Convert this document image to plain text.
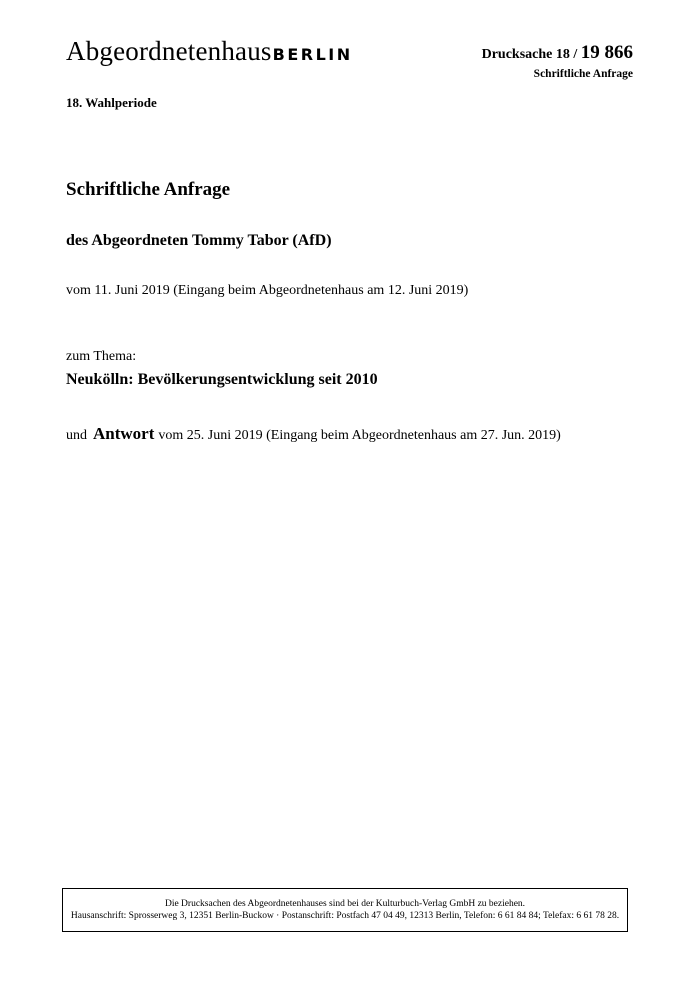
AbgeordnetenhausBERLIN	Drucksache 18 / 19 866
Schriftliche Anfrage
18. Wahlperiode
Schriftliche Anfrage
des Abgeordneten Tommy Tabor (AfD)
vom 11. Juni 2019 (Eingang beim Abgeordnetenhaus am 12. Juni 2019)
zum Thema:
Neukölln: Bevölkerungsentwicklung seit 2010
und Antwort vom 25. Juni 2019 (Eingang beim Abgeordnetenhaus am 27. Jun. 2019)
Die Drucksachen des Abgeordnetenhauses sind bei der Kulturbuch-Verlag GmbH zu beziehen.
Hausanschrift: Sprosserweg 3, 12351 Berlin-Buckow · Postanschrift: Postfach 47 04 49, 12313 Berlin, Telefon: 6 61 84 84; Telefax: 6 61 78 28.
